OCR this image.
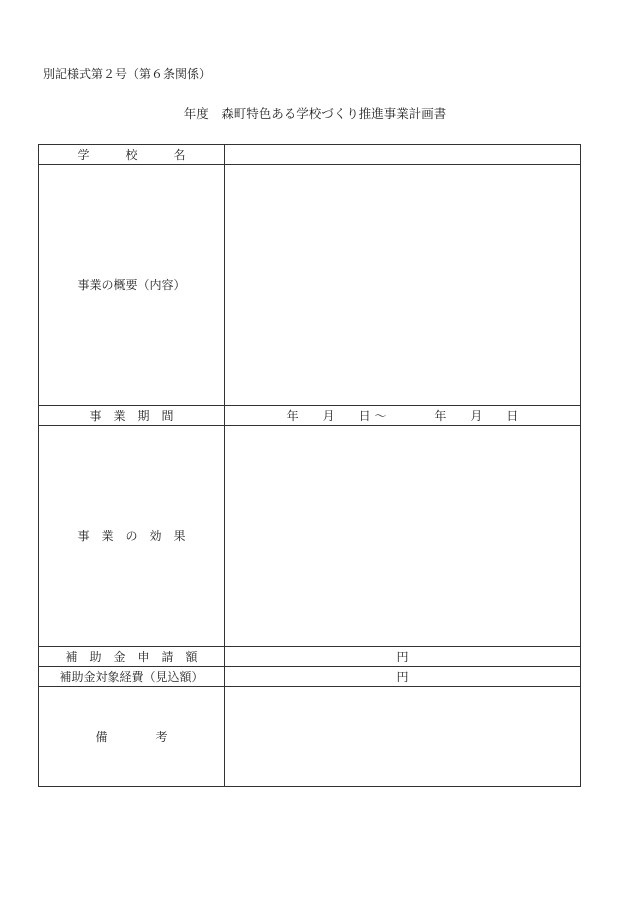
別記様式第２号（第６条関係）
年度　森町特色ある学校づくり推進事業計画書
学　　　校　　　名	
事業の概要（内容）	
事　業　期　間	年　　月　　日 ～　　　　年　　月　　日
事　業　の　効　果	
補　助　金　申　請　額	円
補助金対象経費（見込額）	円
備　　　　考	
